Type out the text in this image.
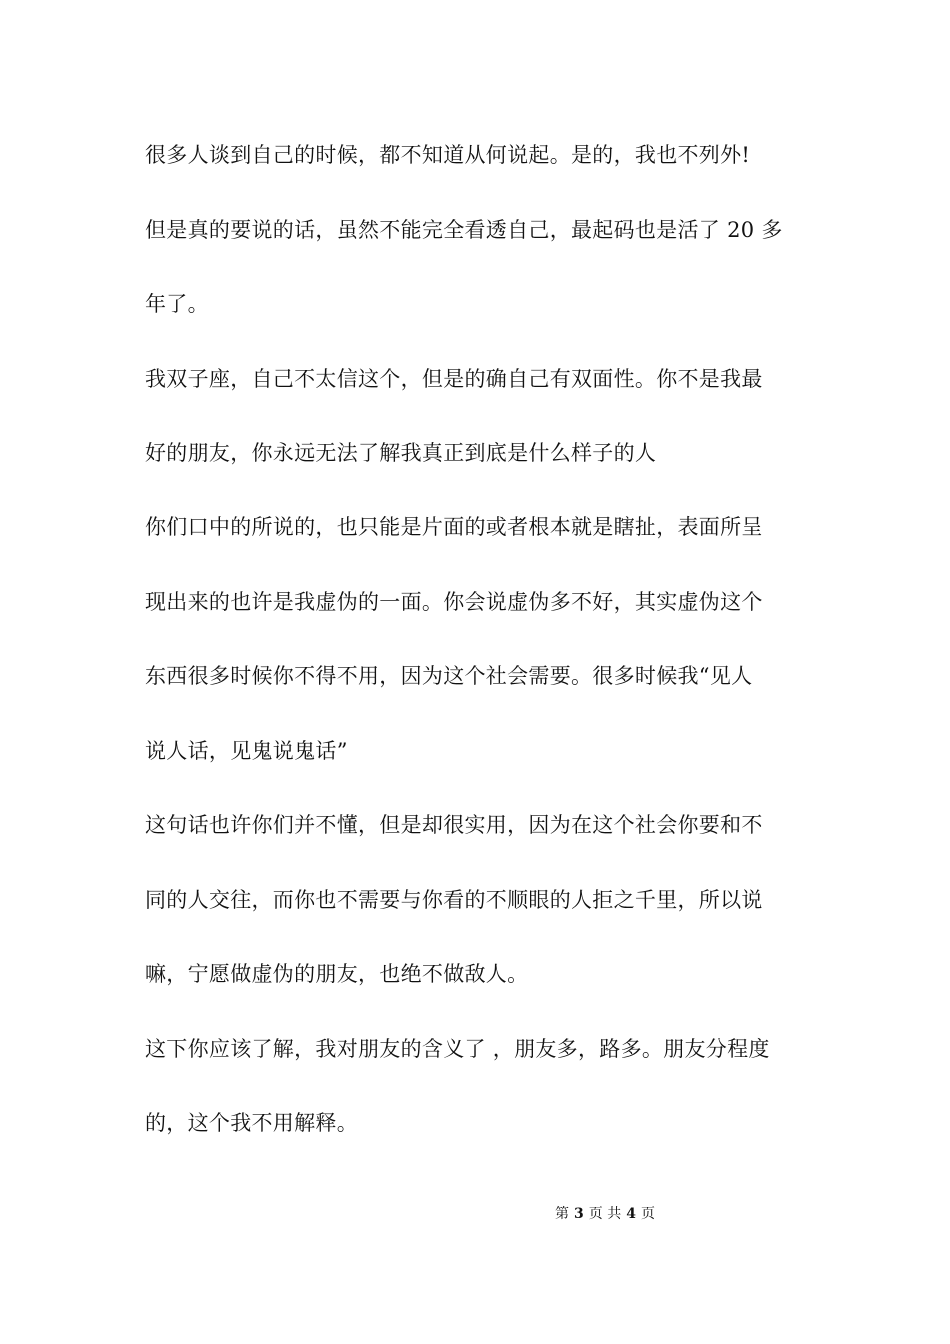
很多人谈到自己的时候，都不知道从何说起。是的，我也不列外!
但是真的要说的话，虽然不能完全看透自己，最起码也是活了 20 多
年了。
我双子座，自己不太信这个，但是的确自己有双面性。你不是我最
好的朋友，你永远无法了解我真正到底是什么样子的人
你们口中的所说的，也只能是片面的或者根本就是瞎扯，表面所呈
现出来的也许是我虚伪的一面。你会说虚伪多不好，其实虚伪这个
东西很多时候你不得不用，因为这个社会需要。很多时候我“见人
说人话，见鬼说鬼话”
这句话也许你们并不懂，但是却很实用，因为在这个社会你要和不
同的人交往，而你也不需要与你看的不顺眼的人拒之千里，所以说
嘛，宁愿做虚伪的朋友，也绝不做敌人。
这下你应该了解，我对朋友的含义了 ，朋友多，路多。朋友分程度
的，这个我不用解释。
第 3 页 共 4 页
